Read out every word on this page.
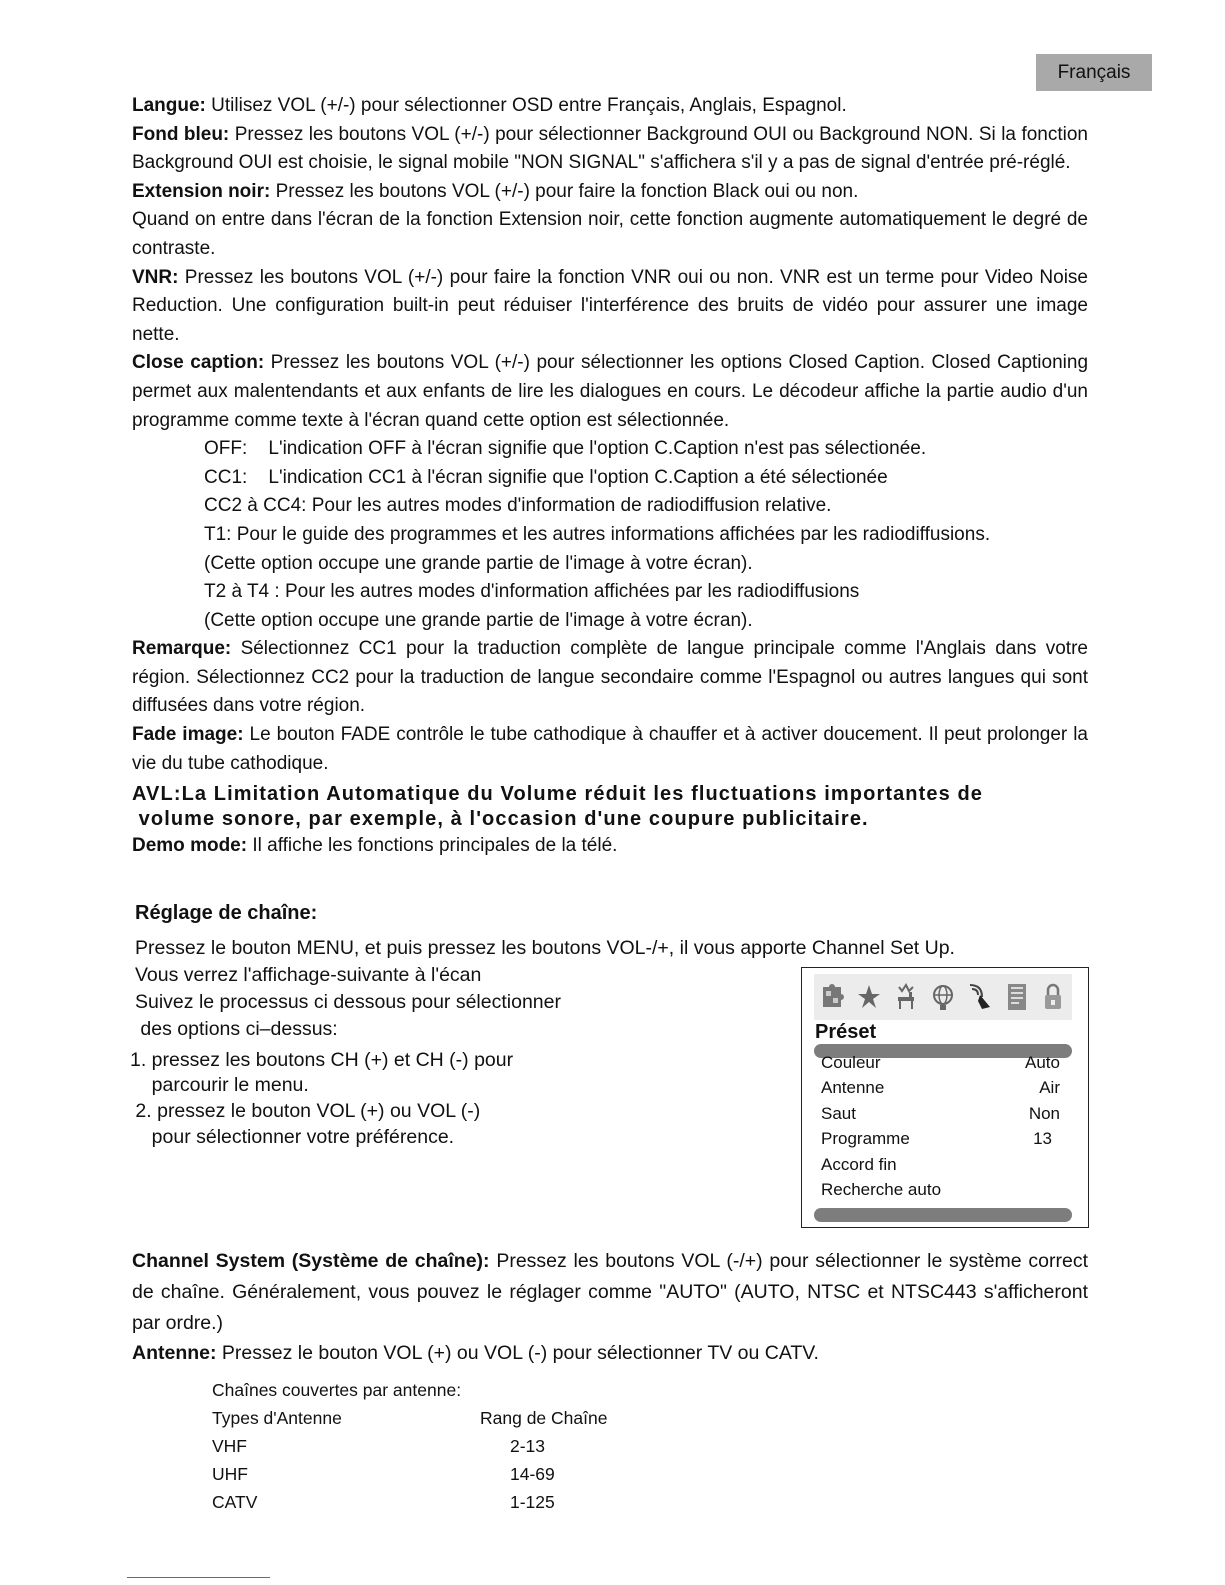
Français

Langue: Utilisez VOL (+/-) pour sélectionner OSD entre Français, Anglais, Espagnol.

Fond bleu: Pressez les boutons VOL (+/-) pour sélectionner Background OUI ou Background NON. Si la fonction Background OUI est choisie, le signal mobile "NON SIGNAL" s'affichera s'il y a pas de signal d'entrée pré-réglé.

Extension noir: Pressez les boutons VOL (+/-) pour faire la fonction Black oui ou non.

Quand on entre dans l'écran de la fonction Extension noir, cette fonction augmente automatiquement le degré de contraste.

VNR: Pressez les boutons VOL (+/-) pour faire la fonction VNR oui ou non. VNR est un terme pour Video Noise Reduction. Une configuration built-in peut réduiser l'interférence des bruits de vidéo pour assurer une image nette.

Close caption: Pressez les boutons VOL (+/-) pour sélectionner les options Closed Caption. Closed Captioning permet aux malentendants et aux enfants de lire les dialogues en cours. Le décodeur affiche la partie audio d'un programme comme texte à l'écran quand cette option est sélectionnée.

OFF:    L'indication OFF à l'écran signifie que l'option C.Caption n'est pas sélectionée.

CC1:    L'indication CC1 à l'écran signifie que l'option C.Caption a été sélectionée

CC2 à CC4: Pour les autres modes d'information de radiodiffusion relative.

T1: Pour le guide des programmes et les autres informations affichées par les radiodiffusions.

(Cette option occupe une grande partie de l'image à votre écran).

T2 à T4 : Pour les autres modes d'information affichées par les radiodiffusions

(Cette option occupe une grande partie de l'image à votre écran).

Remarque: Sélectionnez CC1 pour la traduction complète de langue principale comme l'Anglais dans votre région. Sélectionnez CC2 pour la traduction de langue secondaire comme l'Espagnol ou autres langues qui sont diffusées dans votre région.

Fade image: Le bouton FADE contrôle le tube cathodique à chauffer et à activer doucement. Il peut prolonger la vie du tube cathodique.

AVL:La Limitation Automatique du Volume réduit les fluctuations importantes de
volume sonore, par exemple, à l'occasion d'une coupure publicitaire.

Demo mode: Il affiche les fonctions principales de la télé.

Réglage de chaîne:
Pressez le bouton MENU, et puis pressez les boutons VOL-/+, il vous apporte Channel Set Up.
Vous verrez l'affichage-suivante à l'écan
Suivez le processus ci dessous pour sélectionner
des options ci–dessus:
1. pressez les boutons CH (+) et CH (-) pour
parcourir le menu.
2. pressez le bouton VOL (+) ou VOL (-)
pour sélectionner votre préférence.
Préset
Couleur	Auto
Antenne	Air
Saut	Non
Programme	13
Accord fin
Recherche auto
Channel System (Système de chaîne): Pressez les boutons VOL (-/+) pour sélectionner le système correct de chaîne. Généralement, vous pouvez le réglager comme "AUTO" (AUTO, NTSC et NTSC443 s'afficheront par ordre.)
Antenne: Pressez le bouton VOL (+) ou VOL (-) pour sélectionner TV ou CATV.
Chaînes couvertes par antenne:
Types d'Antenne	Rang de Chaîne
VHF	2-13
UHF	14-69
CATV	1-125
